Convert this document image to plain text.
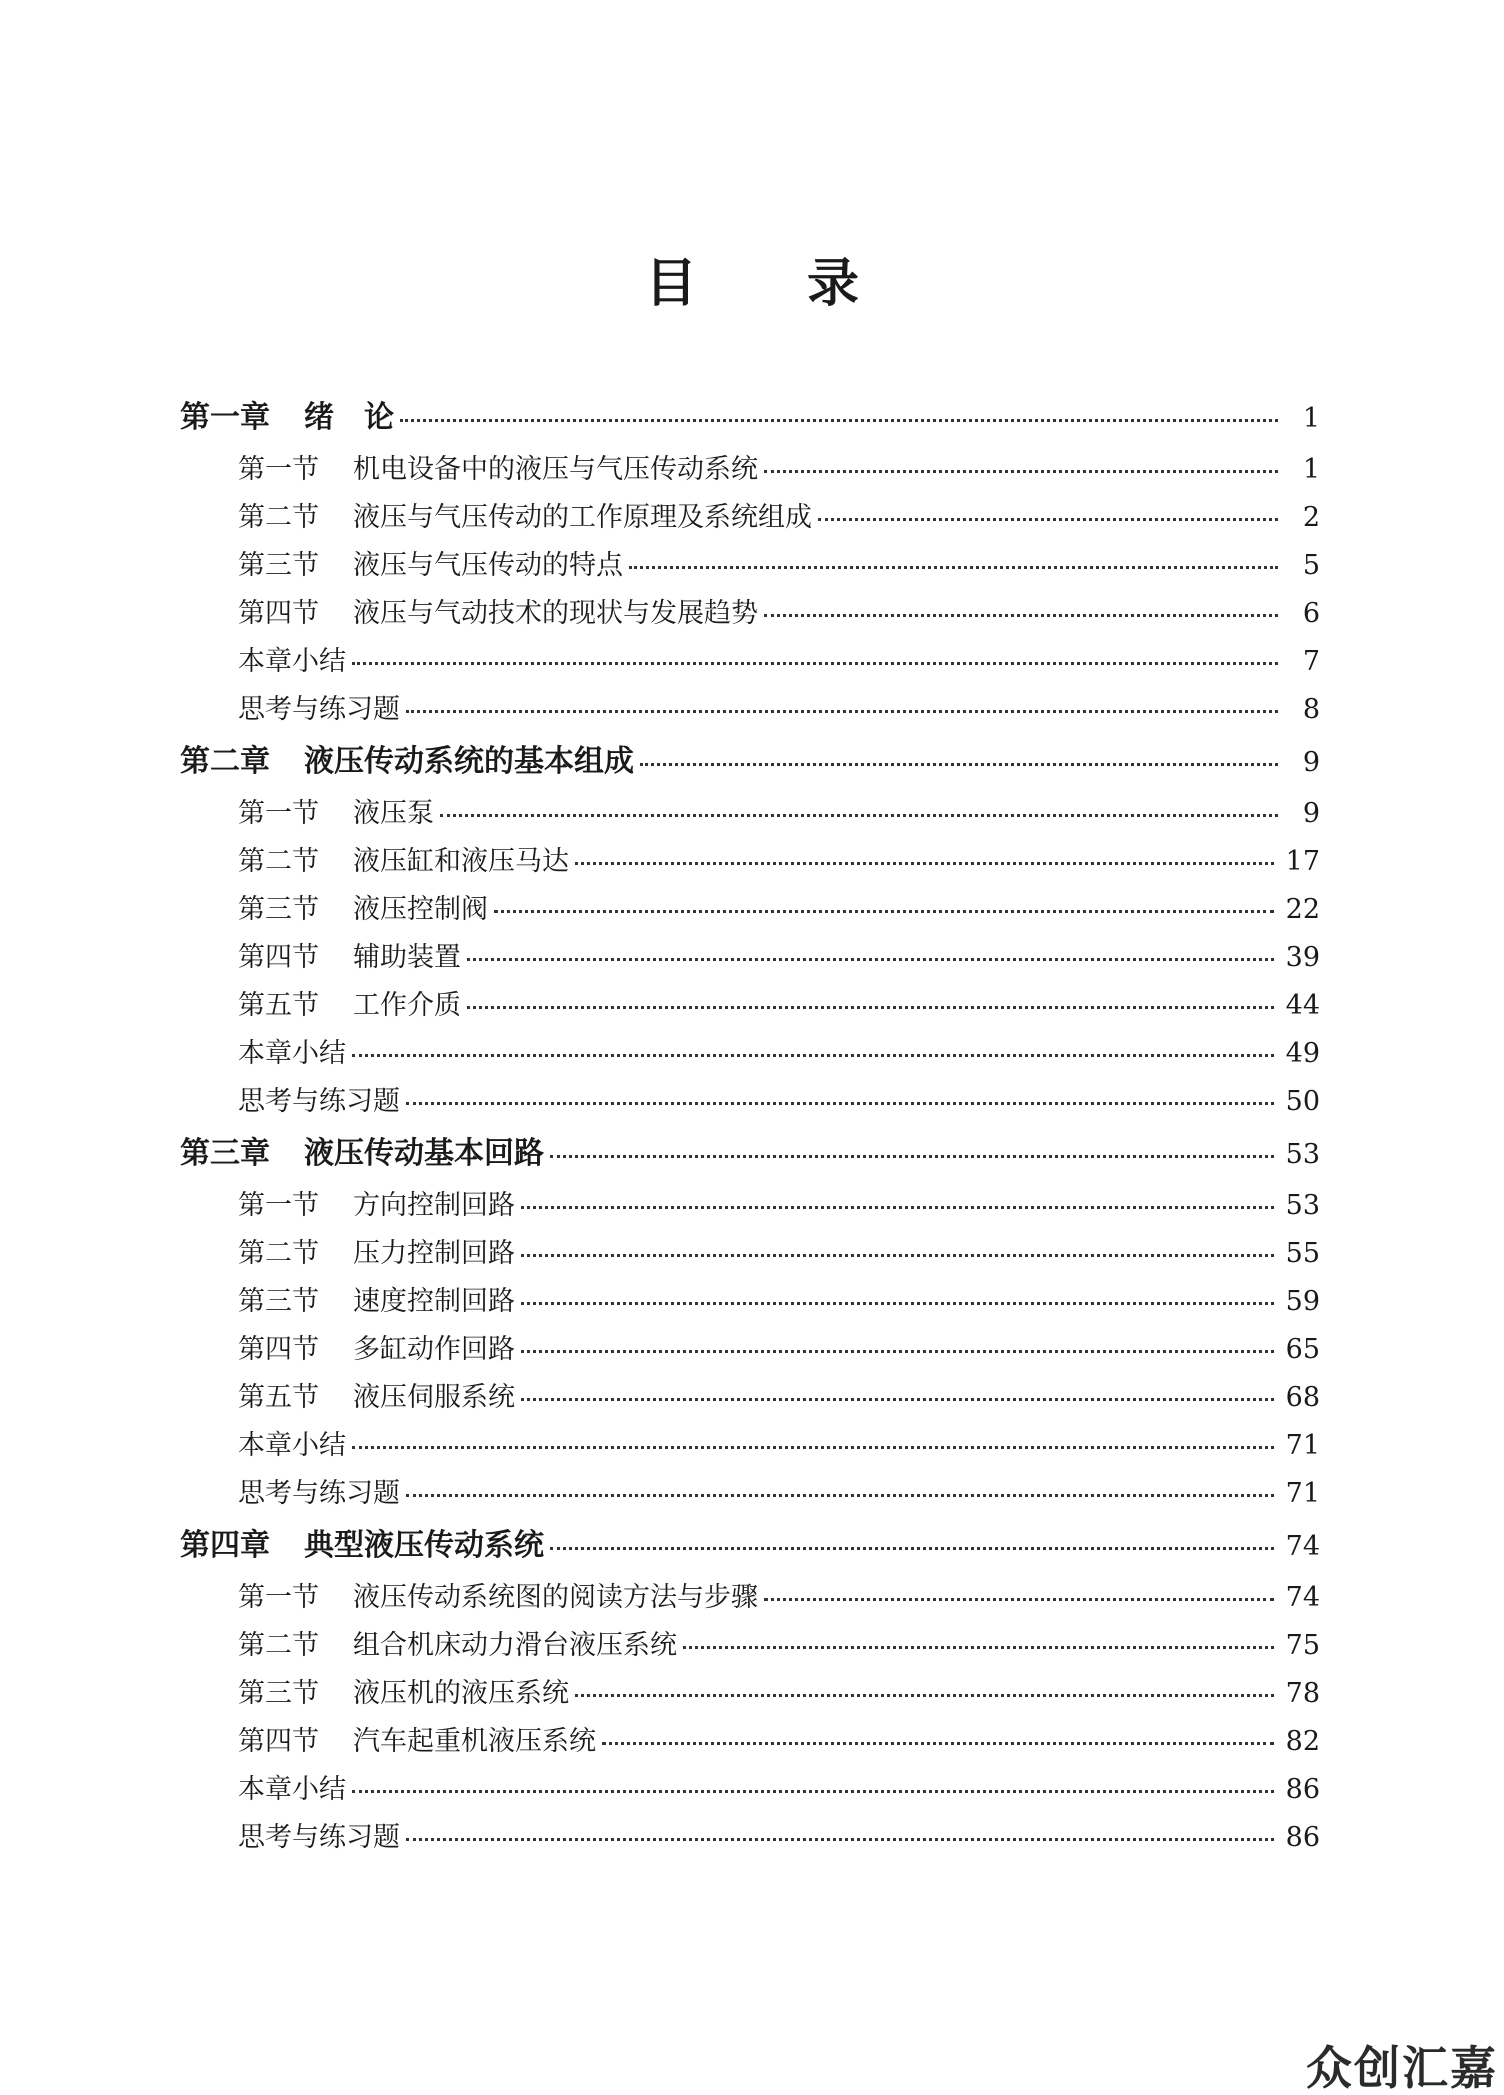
目录
第一章 绪　论	1
第一节 机电设备中的液压与气压传动系统	1
第二节 液压与气压传动的工作原理及系统组成	2
第三节 液压与气压传动的特点	5
第四节 液压与气动技术的现状与发展趋势	6
本章小结	7
思考与练习题	8
第二章 液压传动系统的基本组成	9
第一节 液压泵	9
第二节 液压缸和液压马达	17
第三节 液压控制阀	22
第四节 辅助装置	39
第五节 工作介质	44
本章小结	49
思考与练习题	50
第三章 液压传动基本回路	53
第一节 方向控制回路	53
第二节 压力控制回路	55
第三节 速度控制回路	59
第四节 多缸动作回路	65
第五节 液压伺服系统	68
本章小结	71
思考与练习题	71
第四章 典型液压传动系统	74
第一节 液压传动系统图的阅读方法与步骤	74
第二节 组合机床动力滑台液压系统	75
第三节 液压机的液压系统	78
第四节 汽车起重机液压系统	82
本章小结	86
思考与练习题	86
众创汇嘉
